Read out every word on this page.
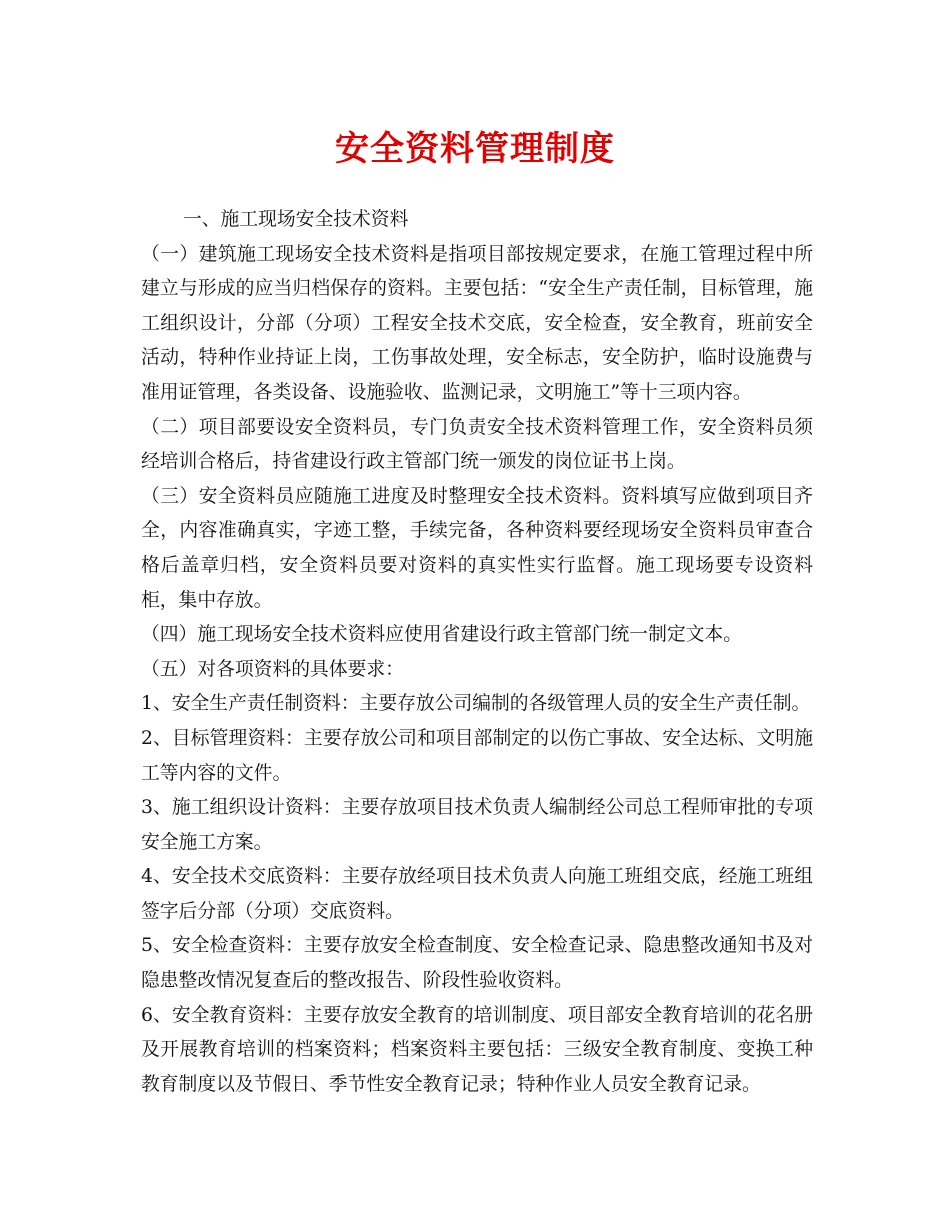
安全资料管理制度

一、施工现场安全技术资料

（一）建筑施工现场安全技术资料是指项目部按规定要求，在施工管理过程中所建立与形成的应当归档保存的资料。主要包括：“安全生产责任制，目标管理，施工组织设计，分部（分项）工程安全技术交底，安全检查，安全教育，班前安全活动，特种作业持证上岗，工伤事故处理，安全标志，安全防护，临时设施费与准用证管理，各类设备、设施验收、监测记录，文明施工”等十三项内容。

（二）项目部要设安全资料员，专门负责安全技术资料管理工作，安全资料员须经培训合格后，持省建设行政主管部门统一颁发的岗位证书上岗。

（三）安全资料员应随施工进度及时整理安全技术资料。资料填写应做到项目齐全，内容准确真实，字迹工整，手续完备，各种资料要经现场安全资料员审查合格后盖章归档，安全资料员要对资料的真实性实行监督。施工现场要专设资料柜，集中存放。

（四）施工现场安全技术资料应使用省建设行政主管部门统一制定文本。

（五）对各项资料的具体要求：

1、安全生产责任制资料：主要存放公司编制的各级管理人员的安全生产责任制。

2、目标管理资料：主要存放公司和项目部制定的以伤亡事故、安全达标、文明施工等内容的文件。

3、施工组织设计资料：主要存放项目技术负责人编制经公司总工程师审批的专项安全施工方案。

4、安全技术交底资料：主要存放经项目技术负责人向施工班组交底，经施工班组签字后分部（分项）交底资料。

5、安全检查资料：主要存放安全检查制度、安全检查记录、隐患整改通知书及对隐患整改情况复查后的整改报告、阶段性验收资料。

6、安全教育资料：主要存放安全教育的培训制度、项目部安全教育培训的花名册及开展教育培训的档案资料；档案资料主要包括：三级安全教育制度、变换工种教育制度以及节假日、季节性安全教育记录；特种作业人员安全教育记录。
